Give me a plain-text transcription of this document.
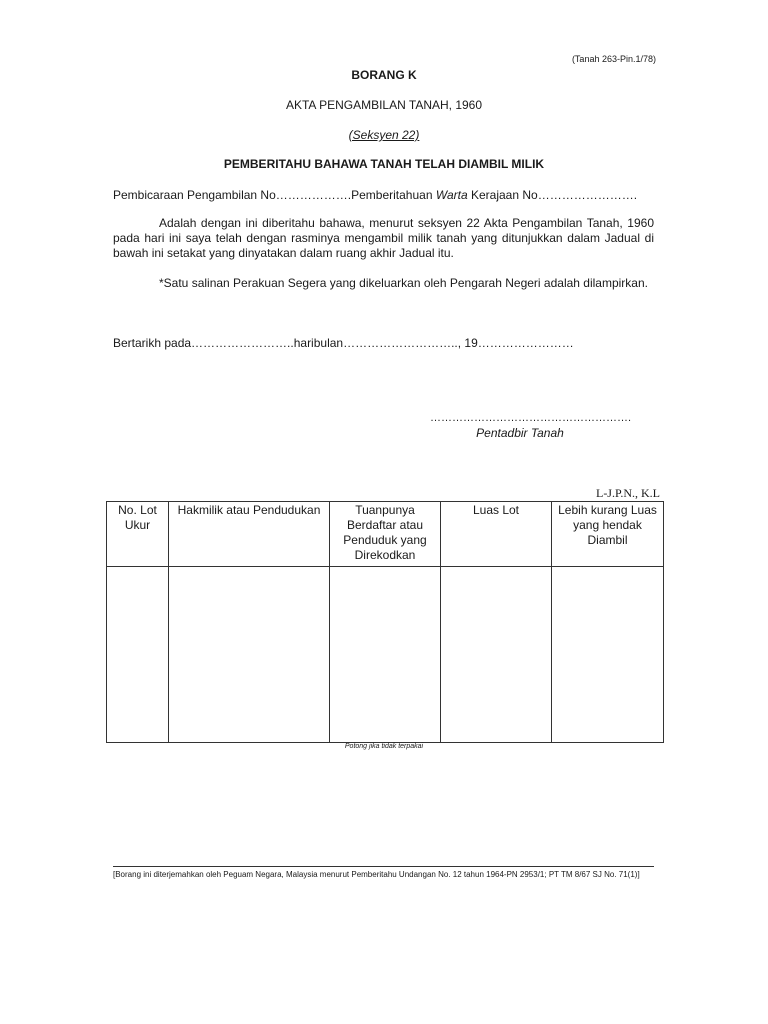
(Tanah 263-Pin.1/78)
BORANG K
AKTA PENGAMBILAN TANAH, 1960
(Seksyen 22)
PEMBERITAHU BAHAWA TANAH TELAH DIAMBIL MILIK
Pembicaraan Pengambilan No……………….Pemberitahuan Warta Kerajaan No…………………….
Adalah dengan ini diberitahu bahawa, menurut seksyen 22 Akta Pengambilan Tanah, 1960 pada hari ini saya telah dengan rasminya mengambil milik tanah yang ditunjukkan dalam Jadual di bawah ini setakat yang dinyatakan dalam ruang akhir Jadual itu.
*Satu salinan Perakuan Segera yang dikeluarkan oleh Pengarah Negeri adalah dilampirkan.
Bertarikh pada……………………..haribulan……………………….., 19……………………
……………………………………………….
Pentadbir Tanah
L-J.P.N., K.L
No. Lot Ukur	Hakmilik atau Pendudukan	Tuanpunya Berdaftar atau Penduduk yang Direkodkan	Luas Lot	Lebih kurang Luas yang hendak Diambil

Potong jika tidak terpakai
[Borang ini diterjemahkan oleh Peguam Negara, Malaysia menurut Pemberitahu Undangan No. 12 tahun 1964-PN 2953/1; PT TM 8/67 SJ No. 71(1)]
